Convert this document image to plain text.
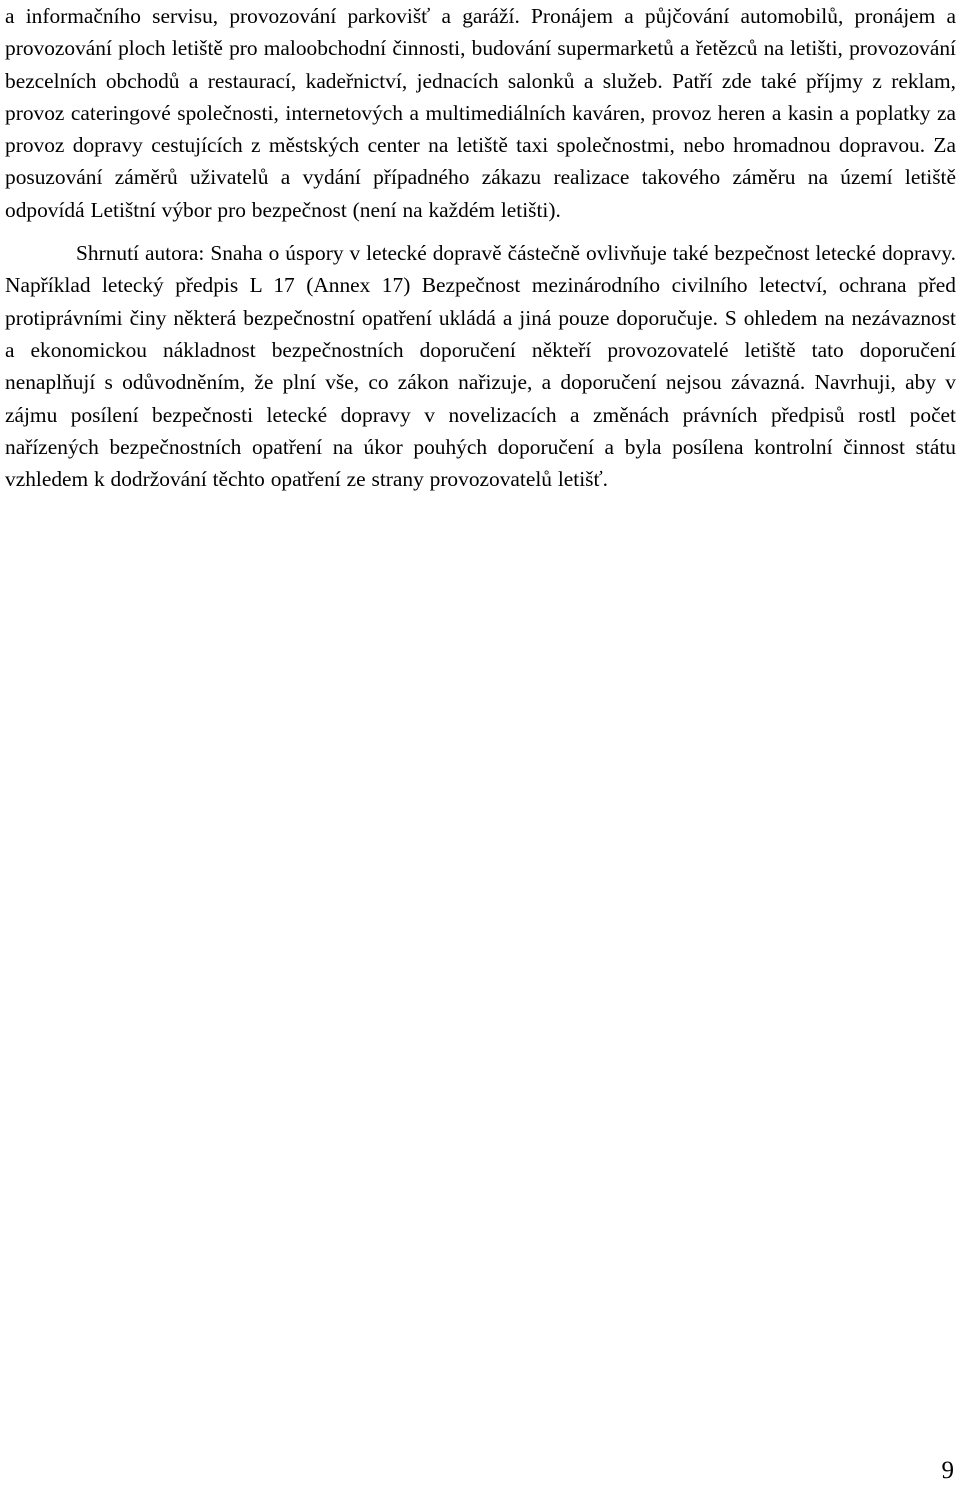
a informačního servisu, provozování parkovišť a garáží. Pronájem a půjčování automobilů, pronájem a provozování ploch letiště pro maloobchodní činnosti, budování supermarketů a řetězců na letišti, provozování bezcelních obchodů a restaurací, kadeřnictví, jednacích salonků a služeb. Patří zde také příjmy z reklam, provoz cateringové společnosti, internetových a multimediálních kaváren, provoz heren a kasin a poplatky za provoz dopravy cestujících z městských center na letiště taxi společnostmi, nebo hromadnou dopravou. Za posuzování záměrů uživatelů a vydání případného zákazu realizace takového záměru na území letiště odpovídá Letištní výbor pro bezpečnost (není na každém letišti).

Shrnutí autora: Snaha o úspory v letecké dopravě částečně ovlivňuje také bezpečnost letecké dopravy. Například letecký předpis L 17 (Annex 17) Bezpečnost mezinárodního civilního letectví, ochrana před protiprávními činy některá bezpečnostní opatření ukládá a jiná pouze doporučuje. S ohledem na nezávaznost a ekonomickou nákladnost bezpečnostních doporučení někteří provozovatelé letiště tato doporučení nenaplňují s odůvodněním, že plní vše, co zákon nařizuje, a doporučení nejsou závazná. Navrhuji, aby v zájmu posílení bezpečnosti letecké dopravy v novelizacích a změnách právních předpisů rostl počet nařízených bezpečnostních opatření na úkor pouhých doporučení a byla posílena kontrolní činnost státu vzhledem k dodržování těchto opatření ze strany provozovatelů letišť.

9
